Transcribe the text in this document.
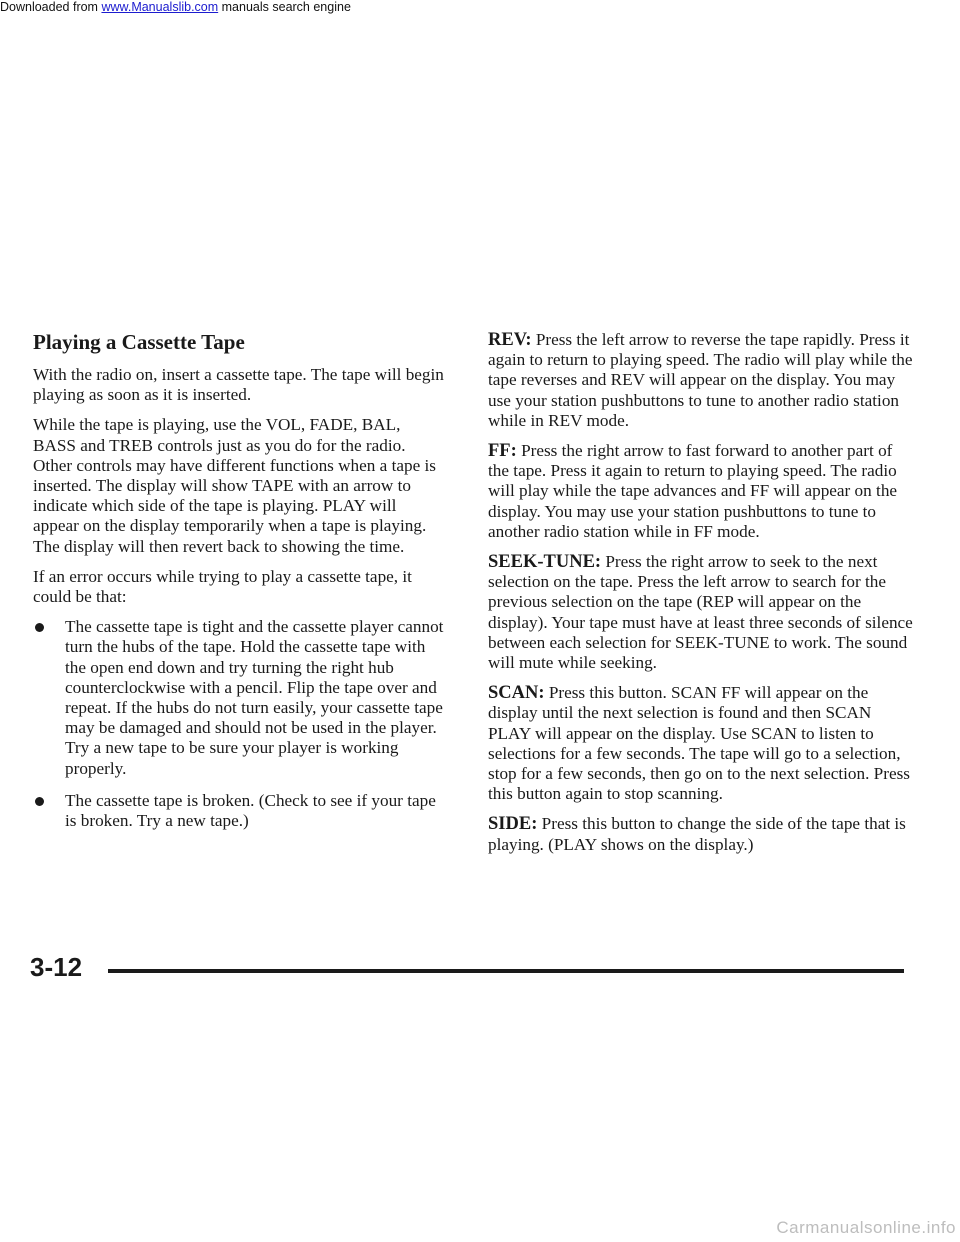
Downloaded from www.Manualslib.com manuals search engine
Playing a Cassette Tape

With the radio on, insert a cassette tape. The tape will begin playing as soon as it is inserted.

While the tape is playing, use the VOL, FADE, BAL, BASS and TREB controls just as you do for the radio. Other controls may have different functions when a tape is inserted. The display will show TAPE with an arrow to indicate which side of the tape is playing. PLAY will appear on the display temporarily when a tape is playing. The display will then revert back to showing the time.

If an error occurs while trying to play a cassette tape, it could be that:

The cassette tape is tight and the cassette player cannot turn the hubs of the tape. Hold the cassette tape with the open end down and try turning the right hub counterclockwise with a pencil. Flip the tape over and repeat. If the hubs do not turn easily, your cassette tape may be damaged and should not be used in the player. Try a new tape to be sure your player is working properly.
The cassette tape is broken. (Check to see if your tape is broken. Try a new tape.)

REV: Press the left arrow to reverse the tape rapidly. Press it again to return to playing speed. The radio will play while the tape reverses and REV will appear on the display. You may use your station pushbuttons to tune to another radio station while in REV mode.

FF: Press the right arrow to fast forward to another part of the tape. Press it again to return to playing speed. The radio will play while the tape advances and FF will appear on the display. You may use your station pushbuttons to tune to another radio station while in FF mode.

SEEK-TUNE: Press the right arrow to seek to the next selection on the tape. Press the left arrow to search for the previous selection on the tape (REP will appear on the display). Your tape must have at least three seconds of silence between each selection for SEEK-TUNE to work. The sound will mute while seeking.

SCAN: Press this button. SCAN FF will appear on the display until the next selection is found and then SCAN PLAY will appear on the display. Use SCAN to listen to selections for a few seconds. The tape will go to a selection, stop for a few seconds, then go on to the next selection. Press this button again to stop scanning.

SIDE: Press this button to change the side of the tape that is playing. (PLAY shows on the display.)

3-12
Carmanualsonline.info
